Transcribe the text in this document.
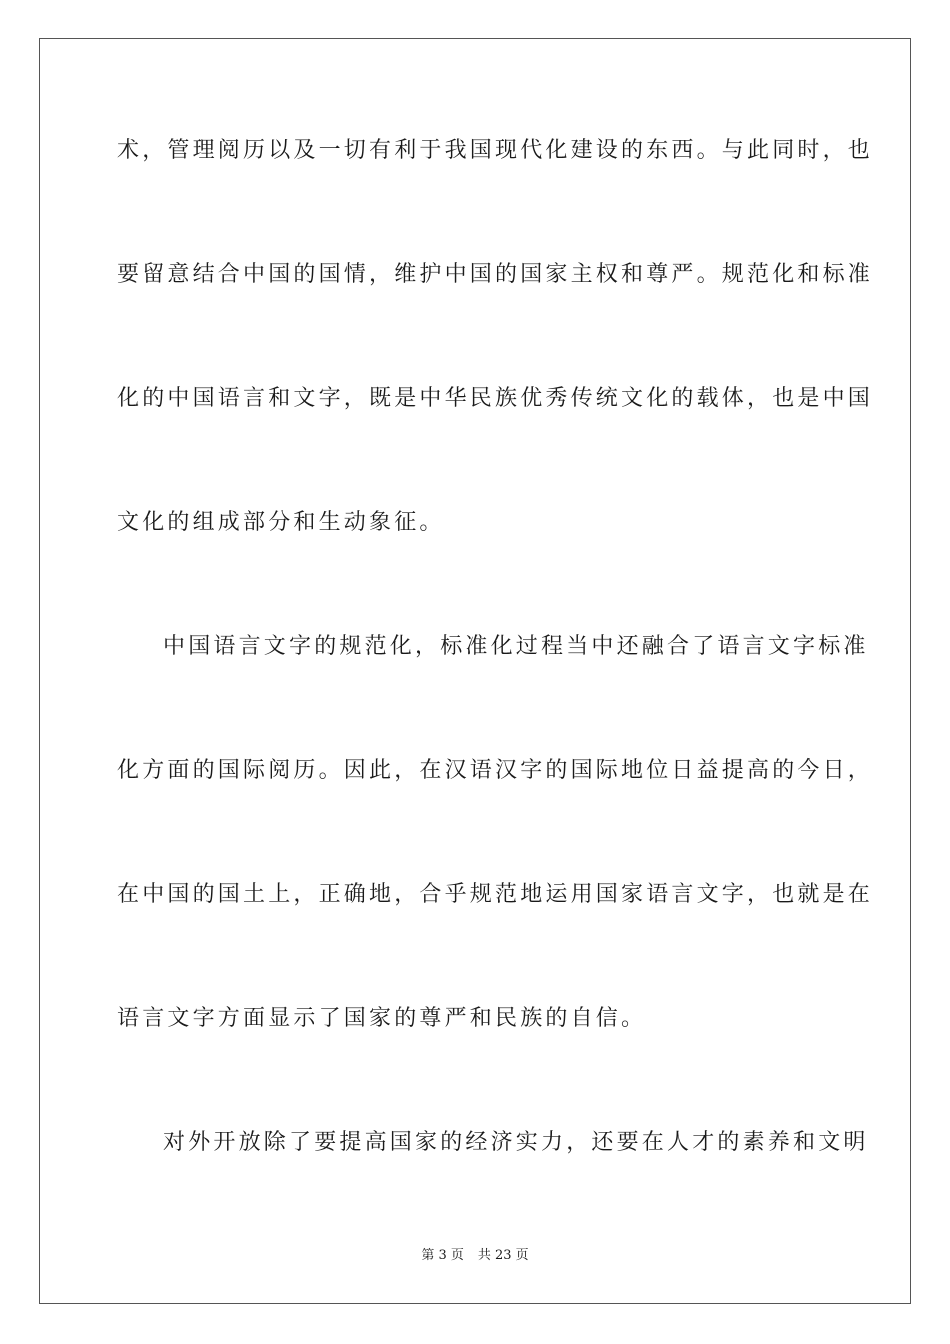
术，管理阅历以及一切有利于我国现代化建设的东西。与此同时，也
要留意结合中国的国情，维护中国的国家主权和尊严。规范化和标准
化的中国语言和文字，既是中华民族优秀传统文化的载体，也是中国
文化的组成部分和生动象征。
中国语言文字的规范化，标准化过程当中还融合了语言文字标准
化方面的国际阅历。因此，在汉语汉字的国际地位日益提高的今日，
在中国的国土上，正确地，合乎规范地运用国家语言文字，也就是在
语言文字方面显示了国家的尊严和民族的自信。
对外开放除了要提高国家的经济实力，还要在人才的素养和文明
第 3 页 共 23 页
